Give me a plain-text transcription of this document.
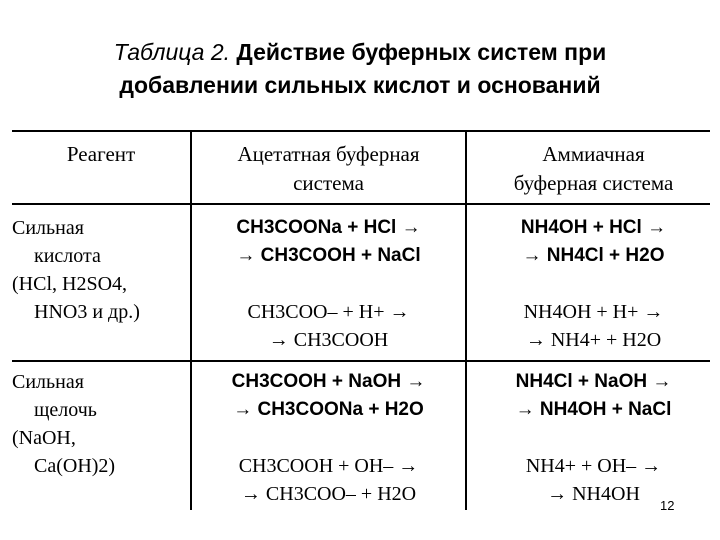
Таблица 2. Действие буферных систем при
добавлении сильных кислот и оснований
Реагент	Ацетатная буферная
система
Аммиачная
буферная система
Сильная
кислота
(HCl, H2SO4,
HNO3 и др.)
CH3COONa + HCl →
→ CH3COOH + NaCl
CH3COO– + H+ →
→ CH3COOH
NH4OH + HCl →
→ NH4Cl + H2O
NH4OH + H+ →
→ NH4+ + H2O
Сильная
щелочь
(NaOH,
Ca(OH)2)
CH3COOH + NaOH →
→ CH3COONa + H2O
CH3COOH + OH– →
→ CH3COO– + H2O
NH4Cl + NaOH →
→ NH4OH + NaCl
NH4+ + OH– →
→ NH4OH
12
